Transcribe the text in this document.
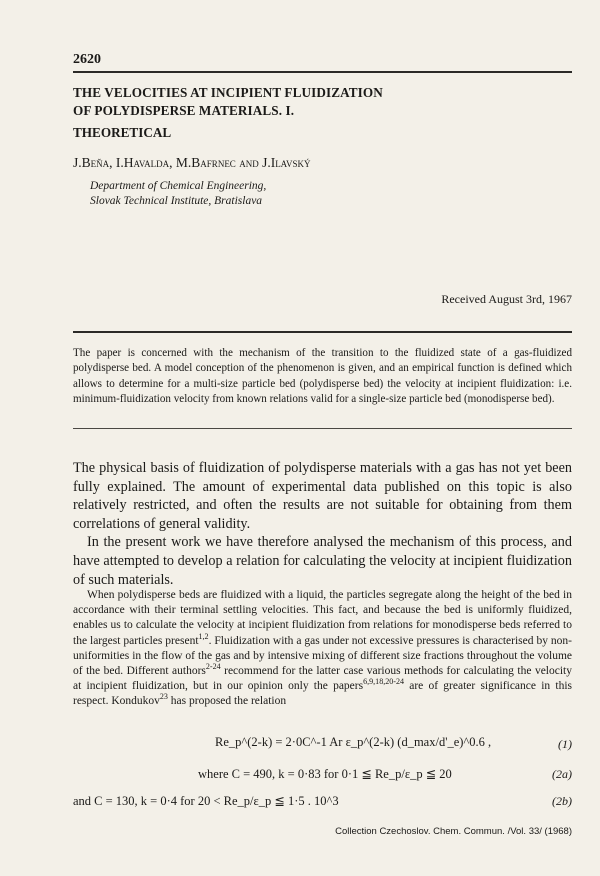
2620
THE VELOCITIES AT INCIPIENT FLUIDIZATION
OF POLYDISPERSE MATERIALS. I.
THEORETICAL
J.Beňa, I.Havalda, M.Bafrnec and J.Ilavský
Department of Chemical Engineering,
Slovak Technical Institute, Bratislava
Received August 3rd, 1967
The paper is concerned with the mechanism of the transition to the fluidized state of a gas-fluidized polydisperse bed. A model conception of the phenomenon is given, and an empirical function is defined which allows to determine for a multi-size particle bed (polydisperse bed) the velocity at incipient fluidization: i.e. minimum-fluidization velocity from known relations valid for a single-size particle bed (monodisperse bed).

The physical basis of fluidization of polydisperse materials with a gas has not yet been fully explained. The amount of experimental data published on this topic is also relatively restricted, and often the results are not suitable for obtaining from them correlations of general validity.

In the present work we have therefore analysed the mechanism of this process, and have attempted to develop a relation for calculating the velocity at incipient fluidization of such materials.

When polydisperse beds are fluidized with a liquid, the particles segregate along the height of the bed in accordance with their terminal settling velocities. This fact, and because the bed is uniformly fluidized, enables us to calculate the velocity at incipient fluidization from relations for monodisperse beds referred to the largest particles present$^{1,2}$. Fluidization with a gas under not excessive pressures is characterised by non-uniformities in the flow of the gas and by intensive mixing of different size fractions throughout the volume of the bed. Different authors$^{2-24}$ recommend for the latter case various methods for calculating the velocity at incipient fluidization, but in our opinion only the papers$^{6,9,18,20-24}$ are of greater significance in this respect. Kondukov$^{23}$ has proposed the relation

Re_p^(2-k) = 2·0C^-1 Ar ε_p^(2-k) (d_max/d'_e)^0.6 ,	(1)
where C = 490, k = 0·83 for 0·1 ≦ Re_p/ε_p ≦ 20	(2a)
and C = 130, k = 0·4 for 20 < Re_p/ε_p ≦ 1·5 . 10^3	(2b)
Collection Czechoslov. Chem. Commun. /Vol. 33/ (1968)
